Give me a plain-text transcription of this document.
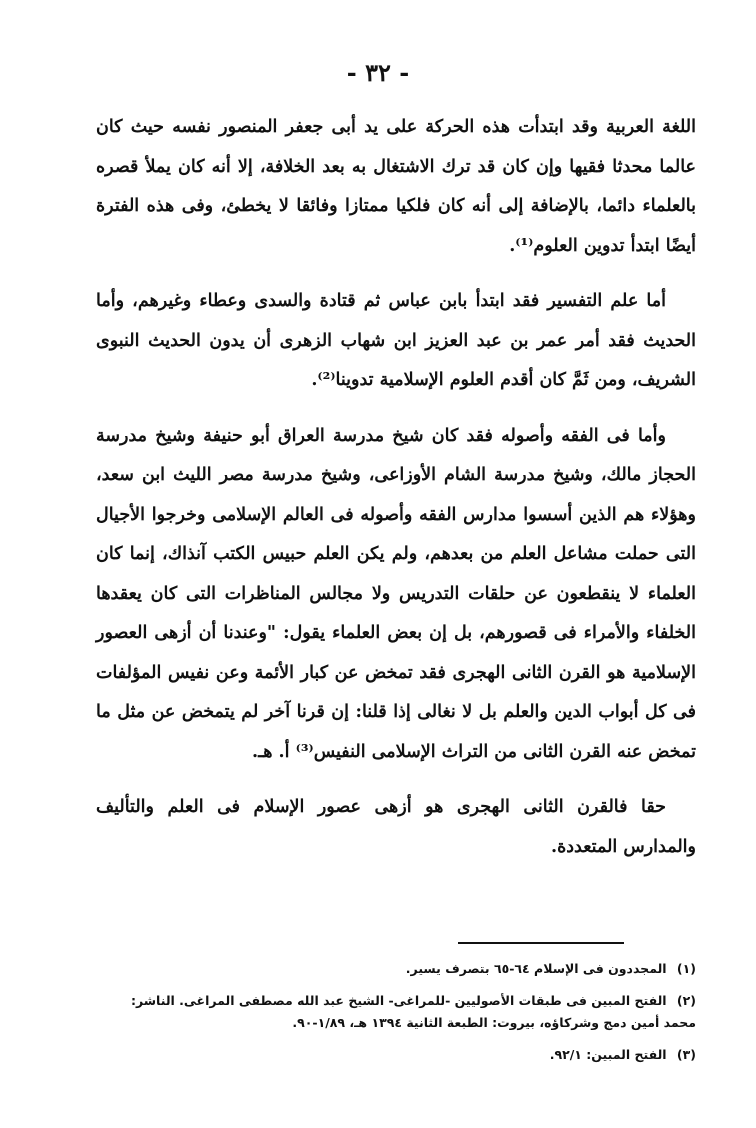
- ٣٢ -

اللغة العربية وقد ابتدأت هذه الحركة على يد أبى جعفر المنصور نفسه حيث كان عالما محدثا فقيها وإن كان قد ترك الاشتغال به بعد الخلافة، إلا أنه كان يملأ قصره بالعلماء دائما، بالإضافة إلى أنه كان فلكيا ممتازا وفائقا لا يخطئ، وفى هذه الفترة أيضًا ابتدأ تدوين العلوم⁽¹⁾.

أما علم التفسير فقد ابتدأ بابن عباس ثم قتادة والسدى وعطاء وغيرهم، وأما الحديث فقد أمر عمر بن عبد العزيز ابن شهاب الزهرى أن يدون الحديث النبوى الشريف، ومن ثَمَّ كان أقدم العلوم الإسلامية تدوينا⁽²⁾.

وأما فى الفقه وأصوله فقد كان شيخ مدرسة العراق أبو حنيفة وشيخ مدرسة الحجاز مالك، وشيخ مدرسة الشام الأوزاعى، وشيخ مدرسة مصر الليث ابن سعد، وهؤلاء هم الذين أسسوا مدارس الفقه وأصوله فى العالم الإسلامى وخرجوا الأجيال التى حملت مشاعل العلم من بعدهم، ولم يكن العلم حبيس الكتب آنذاك، إنما كان العلماء لا ينقطعون عن حلقات التدريس ولا مجالس المناظرات التى كان يعقدها الخلفاء والأمراء فى قصورهم، بل إن بعض العلماء يقول: "وعندنا أن أزهى العصور الإسلامية هو القرن الثانى الهجرى فقد تمخض عن كبار الأئمة وعن نفيس المؤلفات فى كل أبواب الدين والعلم بل لا نغالى إذا قلنا: إن قرنا آخر لم يتمخض عن مثل ما تمخض عنه القرن الثانى من التراث الإسلامى النفيس⁽³⁾ أ. هـ.

حقا فالقرن الثانى الهجرى هو أزهى عصور الإسلام فى العلم والتأليف والمدارس المتعددة.

(١) المجددون فى الإسلام ٦٤-٦٥ بتصرف يسير.

(٢) الفتح المبين فى طبقات الأصوليين -للمراغى- الشيخ عبد الله مصطفى المراغى. الناشر: محمد أمين دمج وشركاؤه، بيروت: الطبعة الثانية ١٣٩٤ هـ، ١/٨٩-٩٠.

(٣) الفتح المبين: ٩٢/١.
